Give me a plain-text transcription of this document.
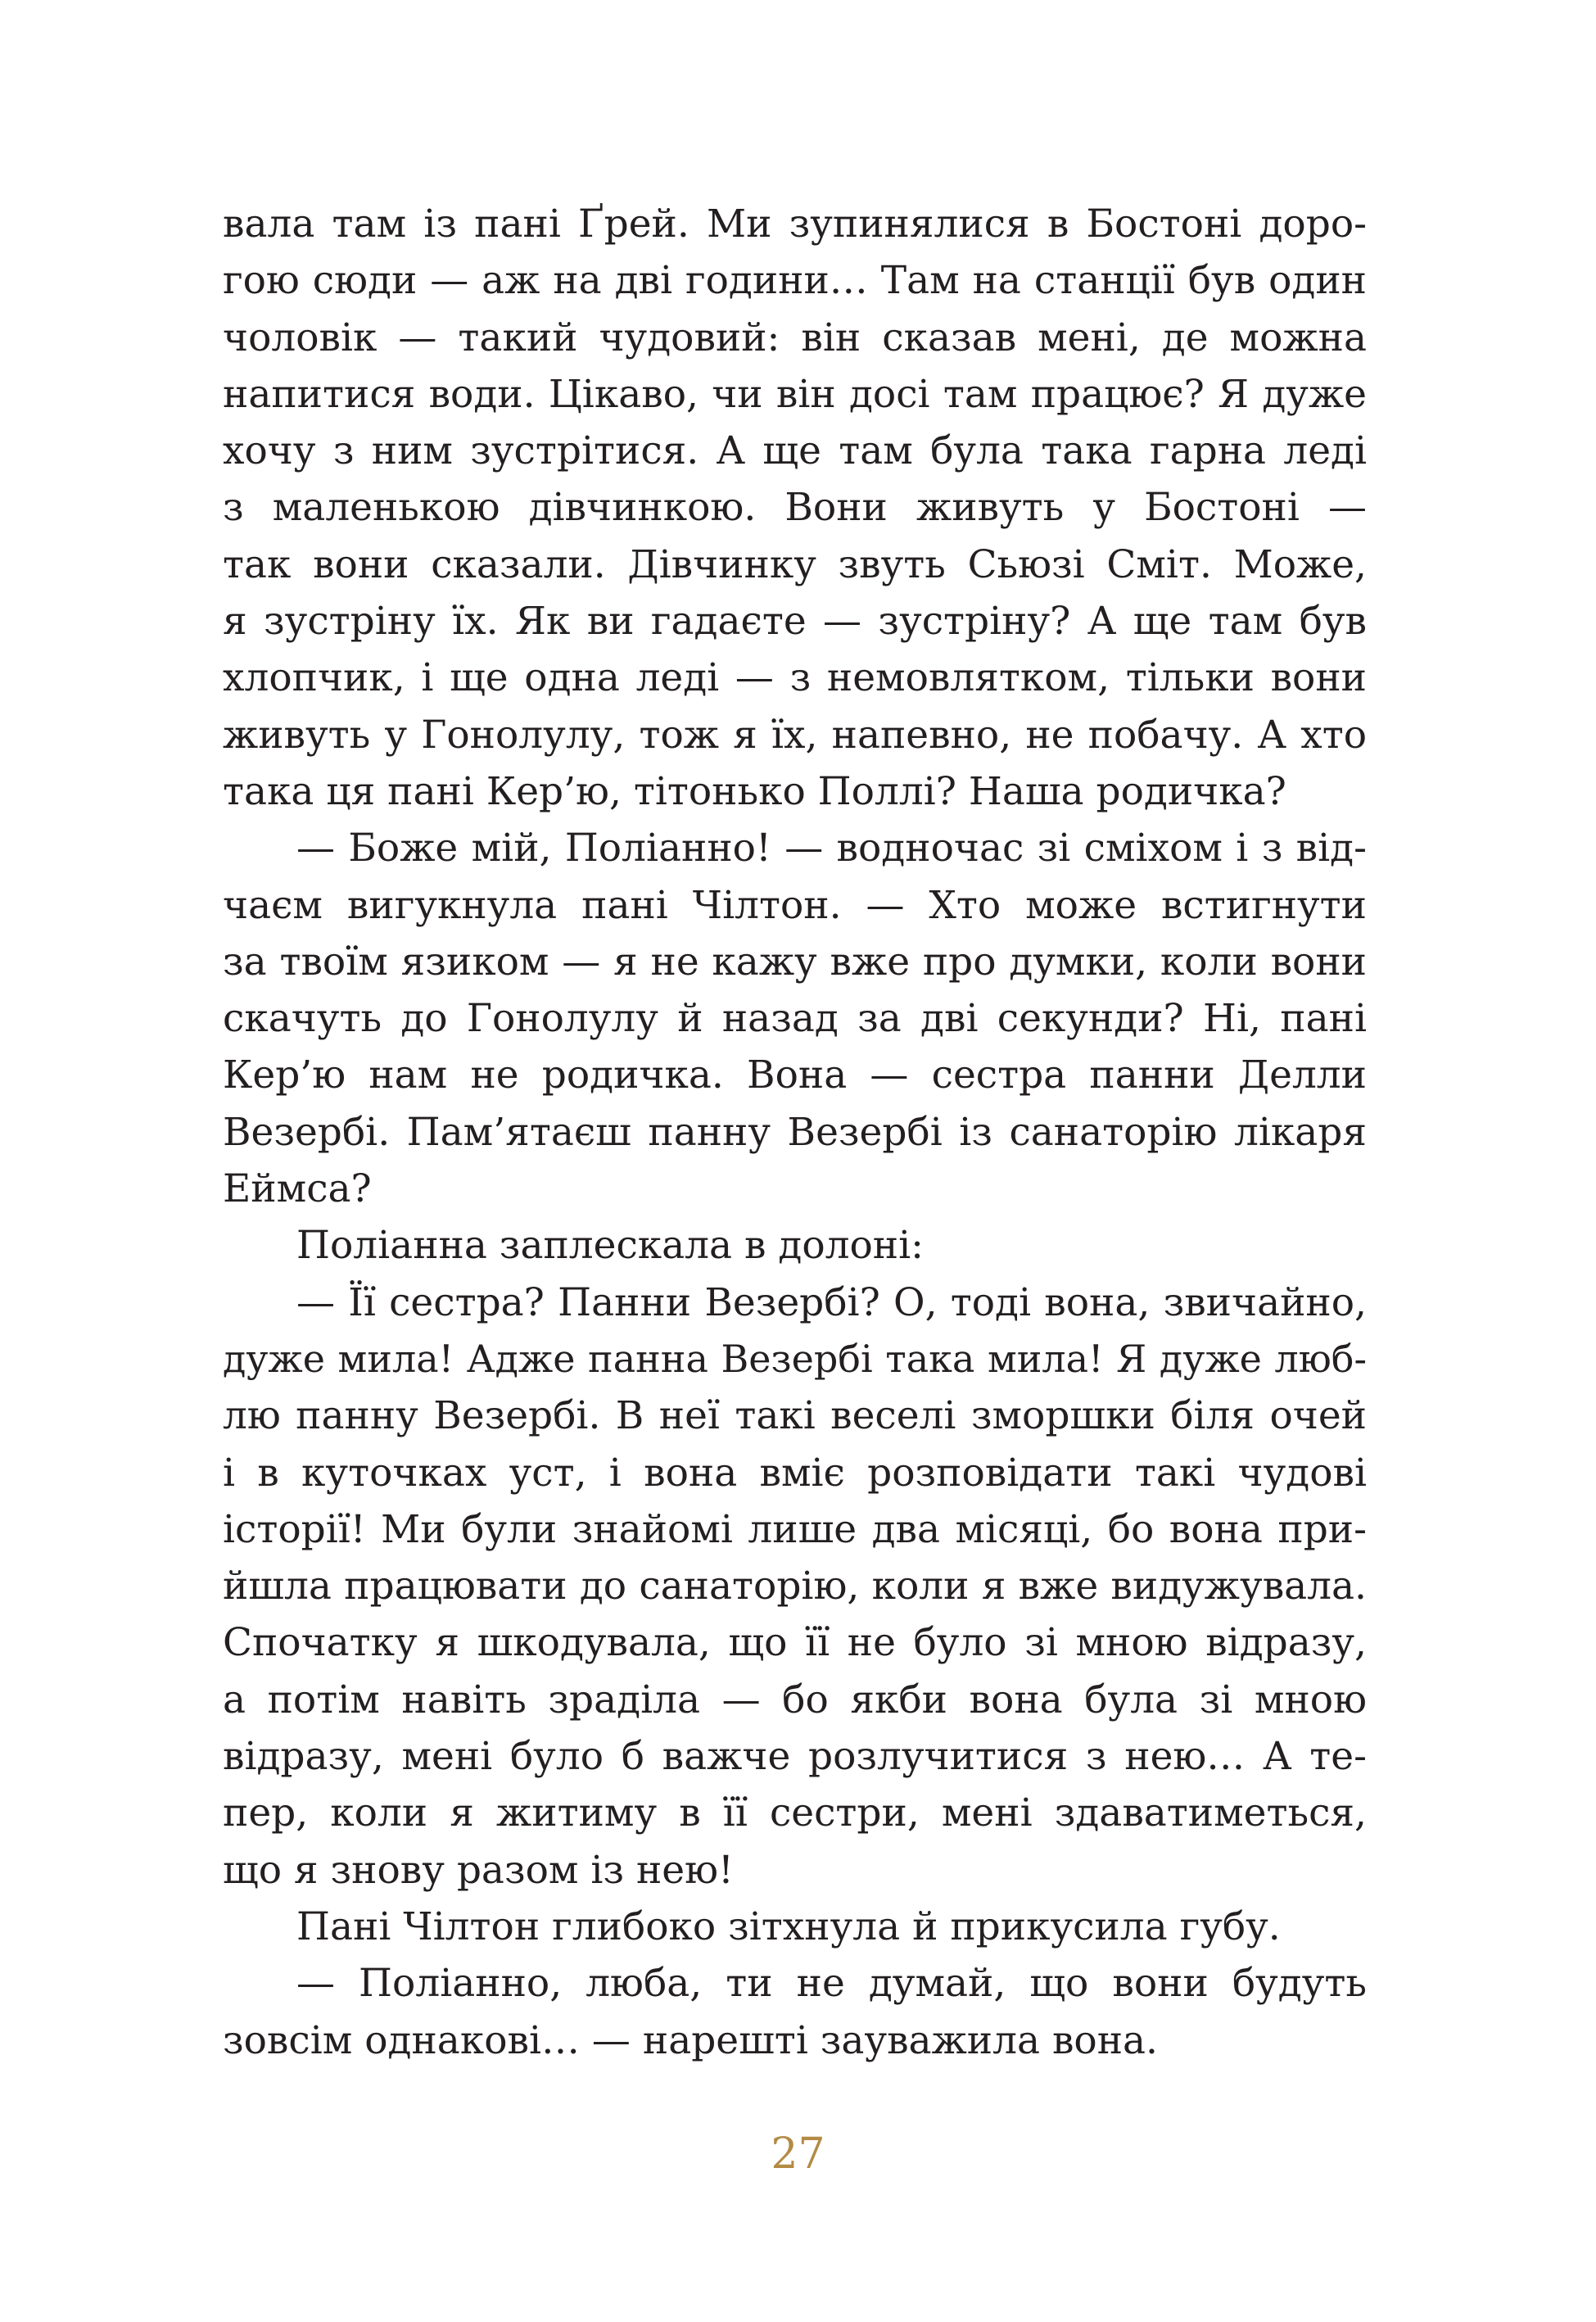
вала там із пані Ґрей. Ми зупинялися в Бостоні доро-
гою сюди — аж на дві години… Там на станції був один
чоловік — такий чудовий: він сказав мені, де можна
напитися води. Цікаво, чи він досі там працює? Я дуже
хочу з ним зустрітися. А ще там була така гарна леді
з маленькою дівчинкою. Вони живуть у Бостоні —
так вони сказали. Дівчинку звуть Сьюзі Сміт. Може,
я зустріну їх. Як ви гадаєте — зустріну? А ще там був
хлопчик, і ще одна леді — з немовлятком, тільки вони
живуть у Гонолулу, тож я їх, напевно, не побачу. А хто
така ця пані Кер’ю, тітонько Поллі? Наша родичка?
— Боже мій, Поліанно! — водночас зі сміхом і з від-
чаєм вигукнула пані Чілтон. — Хто може встигнути
за твоїм язиком — я не кажу вже про думки, коли вони
скачуть до Гонолулу й назад за дві секунди? Ні, пані
Кер’ю нам не родичка. Вона — сестра панни Делли
Везербі. Пам’ятаєш панну Везербі із санаторію лікаря
Еймса?
Поліанна заплескала в долоні:
— Її сестра? Панни Везербі? О, тоді вона, звичайно,
дуже мила! Адже панна Везербі така мила! Я дуже люб-
лю панну Везербі. В неї такі веселі зморшки біля очей
і в куточках уст, і вона вміє розповідати такі чудові
історії! Ми були знайомі лише два місяці, бо вона при-
йшла працювати до санаторію, коли я вже видужувала.
Спочатку я шкодувала, що її не було зі мною відразу,
а потім навіть зраділа — бо якби вона була зі мною
відразу, мені було б важче розлучитися з нею… А те-
пер, коли я житиму в її сестри, мені здаватиметься,
що я знову разом із нею!
Пані Чілтон глибоко зітхнула й прикусила губу.
— Поліанно, люба, ти не думай, що вони будуть
зовсім однакові… — нарешті зауважила вона.
27
